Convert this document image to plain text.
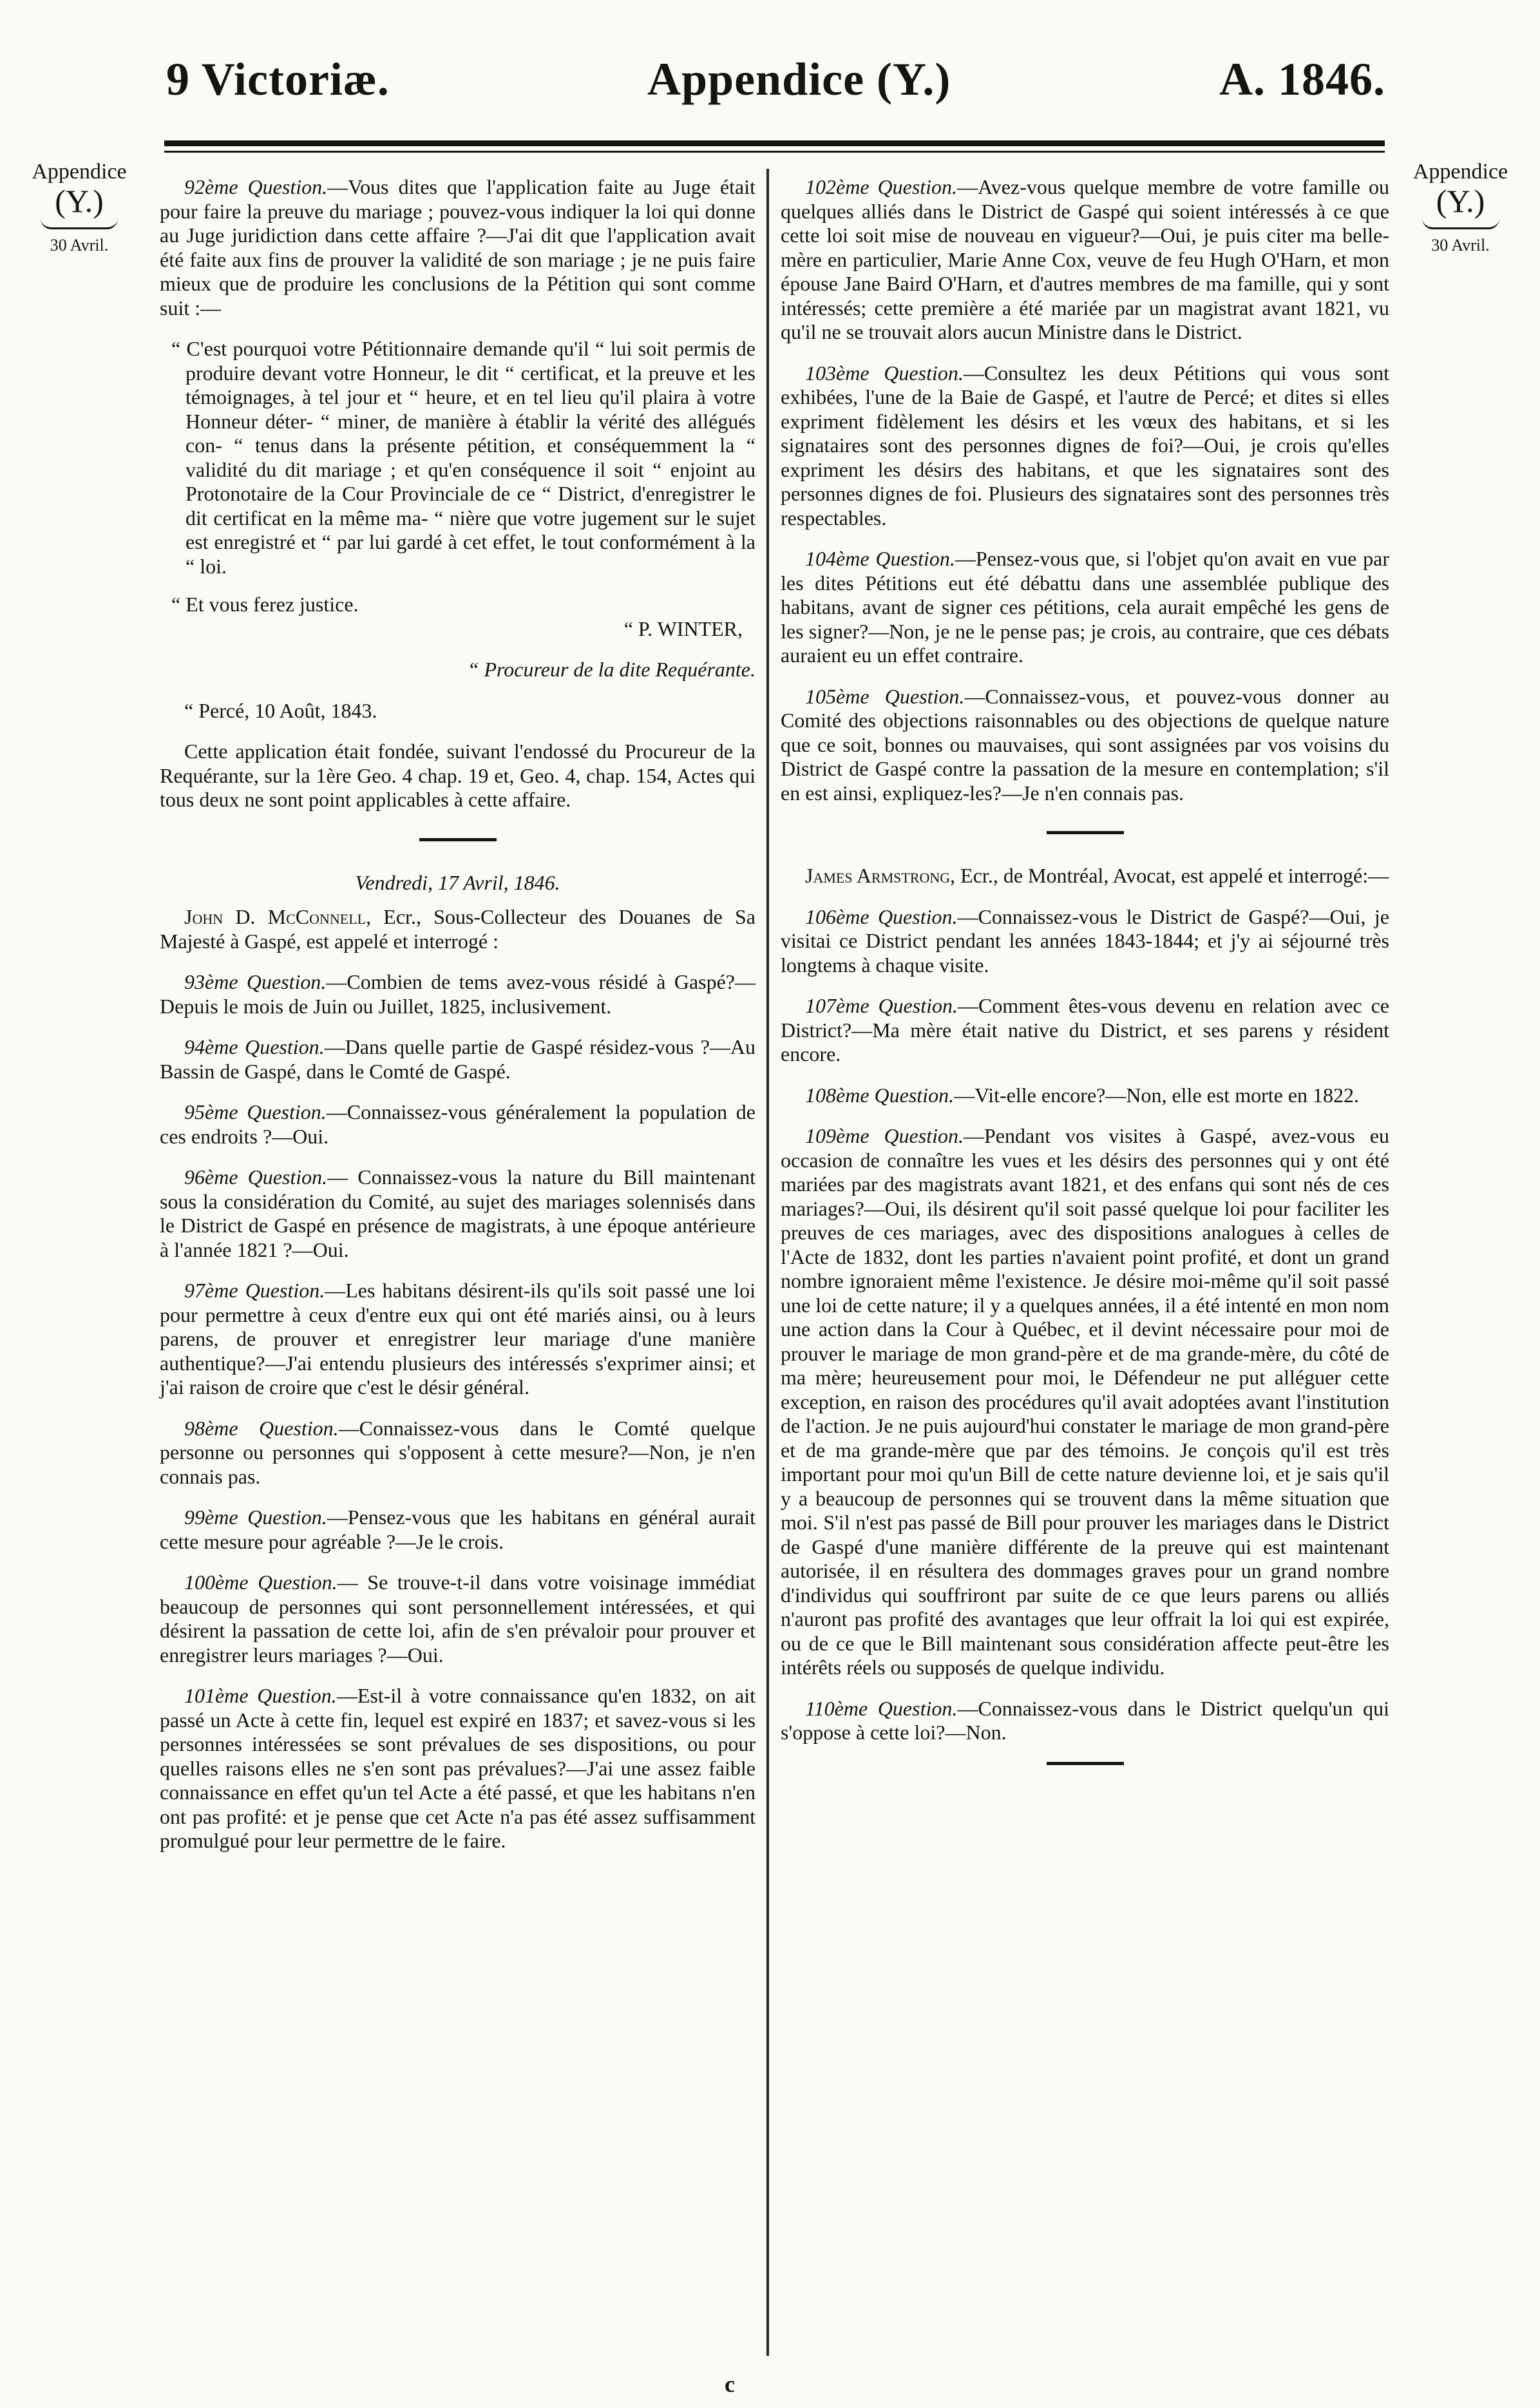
9 Victoriæ.	Appendice (Y.)	A. 1846.
Appendice
(Y.)
30 Avril.
Appendice
(Y.)
30 Avril.

92ème Question.—Vous dites que l'application faite au Juge était pour faire la preuve du mariage ; pouvez-vous indiquer la loi qui donne au Juge juridiction dans cette affaire ?—J'ai dit que l'application avait été faite aux fins de prouver la validité de son mariage ; je ne puis faire mieux que de produire les conclusions de la Pétition qui sont comme suit :—

“ C'est pourquoi votre Pétitionnaire demande qu'il “ lui soit permis de produire devant votre Honneur, le dit “ certificat, et la preuve et les témoignages, à tel jour et “ heure, et en tel lieu qu'il plaira à votre Honneur déter- “ miner, de manière à établir la vérité des allégués con- “ tenus dans la présente pétition, et conséquemment la “ validité du dit mariage ; et qu'en conséquence il soit “ enjoint au Protonotaire de la Cour Provinciale de ce “ District, d'enregistrer le dit certificat en la même ma- “ nière que votre jugement sur le sujet est enregistré et “ par lui gardé à cet effet, le tout conformément à la “ loi.

“ Et vous ferez justice.

“ P. WINTER,

“ Procureur de la dite Requérante.

“ Percé, 10 Août, 1843.

Cette application était fondée, suivant l'endossé du Procureur de la Requérante, sur la 1ère Geo. 4 chap. 19 et, Geo. 4, chap. 154, Actes qui tous deux ne sont point applicables à cette affaire.

Vendredi, 17 Avril, 1846.

John D. McConnell, Ecr., Sous-Collecteur des Douanes de Sa Majesté à Gaspé, est appelé et interrogé :

93ème Question.—Combien de tems avez-vous résidé à Gaspé?—Depuis le mois de Juin ou Juillet, 1825, inclusivement.

94ème Question.—Dans quelle partie de Gaspé résidez-vous ?—Au Bassin de Gaspé, dans le Comté de Gaspé.

95ème Question.—Connaissez-vous généralement la population de ces endroits ?—Oui.

96ème Question.— Connaissez-vous la nature du Bill maintenant sous la considération du Comité, au sujet des mariages solennisés dans le District de Gaspé en présence de magistrats, à une époque antérieure à l'année 1821 ?—Oui.

97ème Question.—Les habitans désirent-ils qu'ils soit passé une loi pour permettre à ceux d'entre eux qui ont été mariés ainsi, ou à leurs parens, de prouver et enregistrer leur mariage d'une manière authentique?—J'ai entendu plusieurs des intéressés s'exprimer ainsi; et j'ai raison de croire que c'est le désir général.

98ème Question.—Connaissez-vous dans le Comté quelque personne ou personnes qui s'opposent à cette mesure?—Non, je n'en connais pas.

99ème Question.—Pensez-vous que les habitans en général aurait cette mesure pour agréable ?—Je le crois.

100ème Question.— Se trouve-t-il dans votre voisinage immédiat beaucoup de personnes qui sont personnellement intéressées, et qui désirent la passation de cette loi, afin de s'en prévaloir pour prouver et enregistrer leurs mariages ?—Oui.

101ème Question.—Est-il à votre connaissance qu'en 1832, on ait passé un Acte à cette fin, lequel est expiré en 1837; et savez-vous si les personnes intéressées se sont prévalues de ses dispositions, ou pour quelles raisons elles ne s'en sont pas prévalues?—J'ai une assez faible connaissance en effet qu'un tel Acte a été passé, et que les habitans n'en ont pas profité: et je pense que cet Acte n'a pas été assez suffisamment promulgué pour leur permettre de le faire.

102ème Question.—Avez-vous quelque membre de votre famille ou quelques alliés dans le District de Gaspé qui soient intéressés à ce que cette loi soit mise de nouveau en vigueur?—Oui, je puis citer ma belle-mère en particulier, Marie Anne Cox, veuve de feu Hugh O'Harn, et mon épouse Jane Baird O'Harn, et d'autres membres de ma famille, qui y sont intéressés; cette première a été mariée par un magistrat avant 1821, vu qu'il ne se trouvait alors aucun Ministre dans le District.

103ème Question.—Consultez les deux Pétitions qui vous sont exhibées, l'une de la Baie de Gaspé, et l'autre de Percé; et dites si elles expriment fidèlement les désirs et les vœux des habitans, et si les signataires sont des personnes dignes de foi?—Oui, je crois qu'elles expriment les désirs des habitans, et que les signataires sont des personnes dignes de foi. Plusieurs des signataires sont des personnes très respectables.

104ème Question.—Pensez-vous que, si l'objet qu'on avait en vue par les dites Pétitions eut été débattu dans une assemblée publique des habitans, avant de signer ces pétitions, cela aurait empêché les gens de les signer?—Non, je ne le pense pas; je crois, au contraire, que ces débats auraient eu un effet contraire.

105ème Question.—Connaissez-vous, et pouvez-vous donner au Comité des objections raisonnables ou des objections de quelque nature que ce soit, bonnes ou mauvaises, qui sont assignées par vos voisins du District de Gaspé contre la passation de la mesure en contemplation; s'il en est ainsi, expliquez-les?—Je n'en connais pas.

James Armstrong, Ecr., de Montréal, Avocat, est appelé et interrogé:—

106ème Question.—Connaissez-vous le District de Gaspé?—Oui, je visitai ce District pendant les années 1843-1844; et j'y ai séjourné très longtems à chaque visite.

107ème Question.—Comment êtes-vous devenu en relation avec ce District?—Ma mère était native du District, et ses parens y résident encore.

108ème Question.—Vit-elle encore?—Non, elle est morte en 1822.

109ème Question.—Pendant vos visites à Gaspé, avez-vous eu occasion de connaître les vues et les désirs des personnes qui y ont été mariées par des magistrats avant 1821, et des enfans qui sont nés de ces mariages?—Oui, ils désirent qu'il soit passé quelque loi pour faciliter les preuves de ces mariages, avec des dispositions analogues à celles de l'Acte de 1832, dont les parties n'avaient point profité, et dont un grand nombre ignoraient même l'existence. Je désire moi-même qu'il soit passé une loi de cette nature; il y a quelques années, il a été intenté en mon nom une action dans la Cour à Québec, et il devint nécessaire pour moi de prouver le mariage de mon grand-père et de ma grande-mère, du côté de ma mère; heureusement pour moi, le Défendeur ne put alléguer cette exception, en raison des procédures qu'il avait adoptées avant l'institution de l'action. Je ne puis aujourd'hui constater le mariage de mon grand-père et de ma grande-mère que par des témoins. Je conçois qu'il est très important pour moi qu'un Bill de cette nature devienne loi, et je sais qu'il y a beaucoup de personnes qui se trouvent dans la même situation que moi. S'il n'est pas passé de Bill pour prouver les mariages dans le District de Gaspé d'une manière différente de la preuve qui est maintenant autorisée, il en résultera des dommages graves pour un grand nombre d'individus qui souffriront par suite de ce que leurs parens ou alliés n'auront pas profité des avantages que leur offrait la loi qui est expirée, ou de ce que le Bill maintenant sous considération affecte peut-être les intérêts réels ou supposés de quelque individu.

110ème Question.—Connaissez-vous dans le District quelqu'un qui s'oppose à cette loi?—Non.

c
